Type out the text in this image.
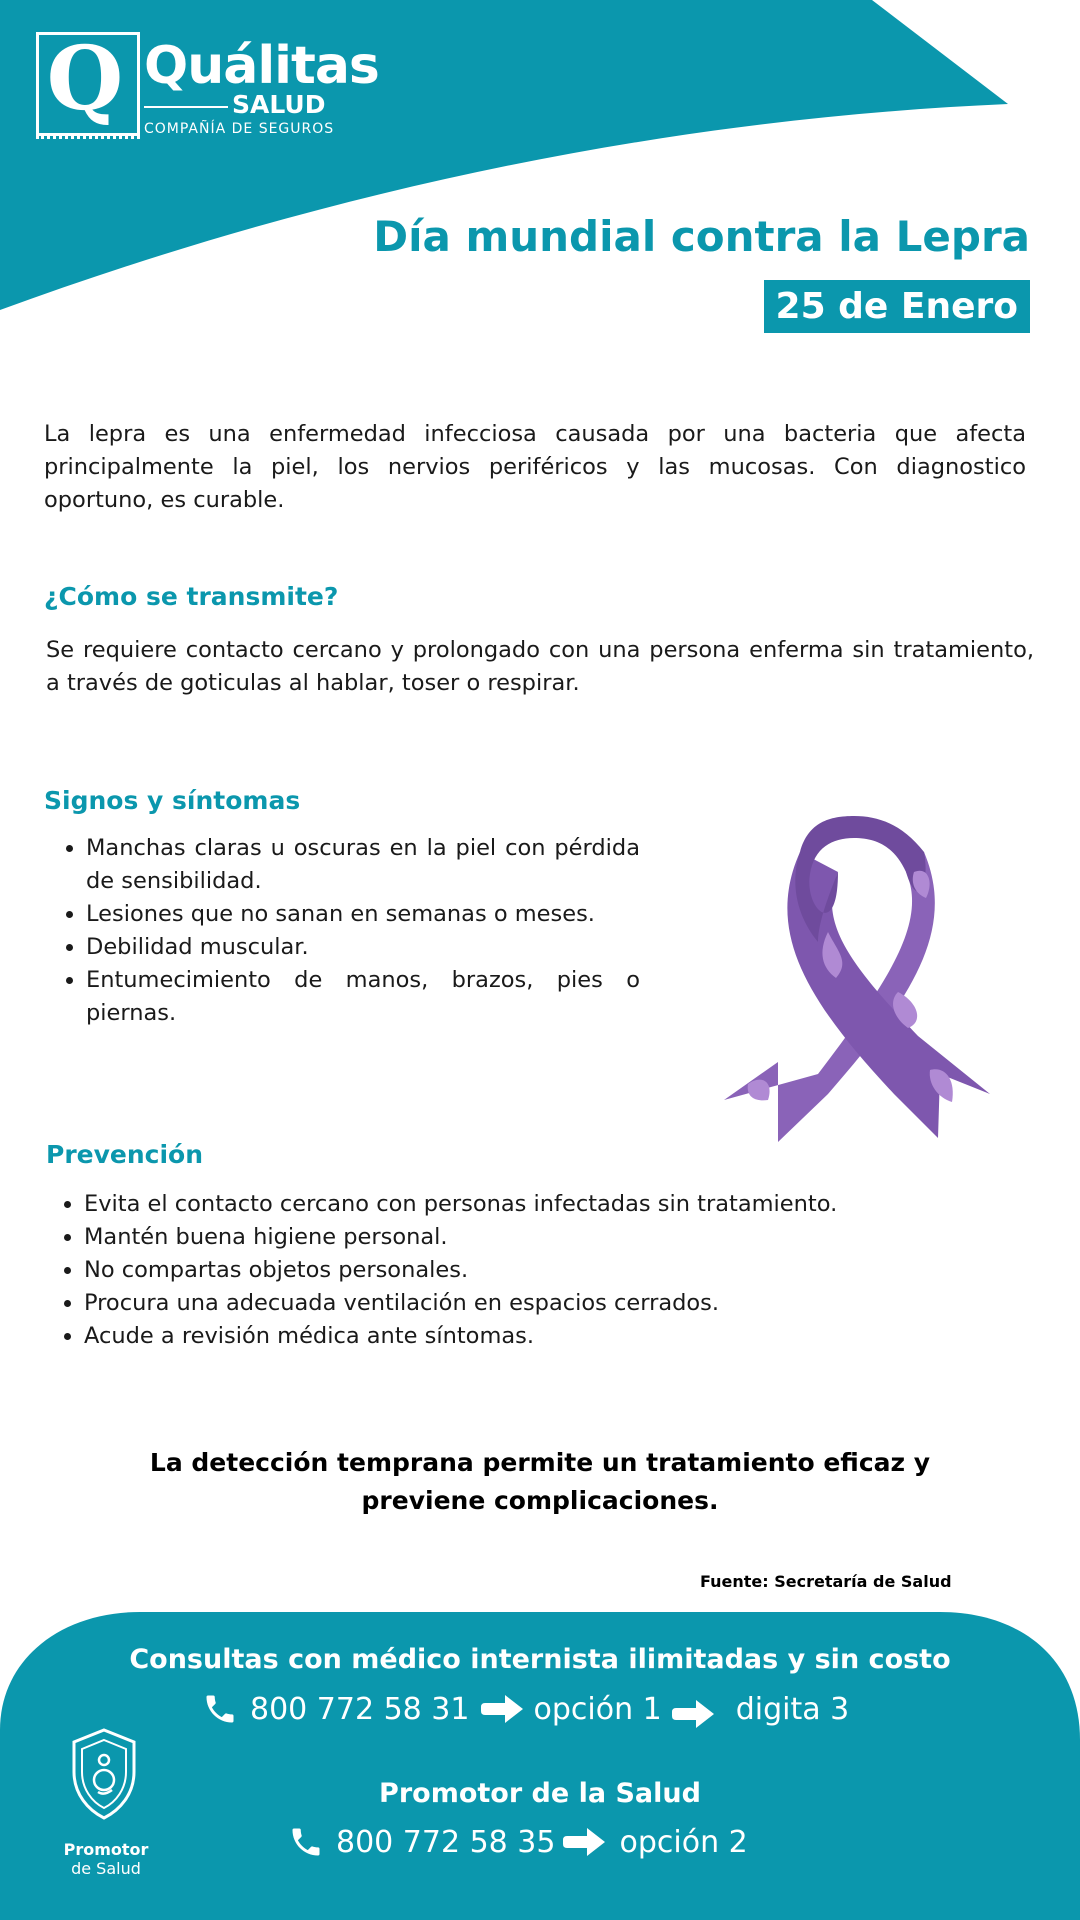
Q Quálitas
SALUD
COMPAÑÍA DE SEGUROS
Día mundial contra la Lepra
25 de Enero
La lepra es una enfermedad infecciosa causada por una bacteria que afecta principalmente la piel, los nervios periféricos y las mucosas. Con diagnostico oportuno, es curable.
¿Cómo se transmite?
Se requiere contacto cercano y prolongado con una persona enferma sin tratamiento, a través de goticulas al hablar, toser o respirar.
Signos y síntomas
• Manchas claras u oscuras en la piel con pérdida de sensibilidad.
• Lesiones que no sanan en semanas o meses.
• Debilidad muscular.
• Entumecimiento de manos, brazos, pies o piernas.
Prevención
• Evita el contacto cercano con personas infectadas sin tratamiento.
• Mantén buena higiene personal.
• No compartas objetos personales.
• Procura una adecuada ventilación en espacios cerrados.
• Acude a revisión médica ante síntomas.
La detección temprana permite un tratamiento eficaz y
previene complicaciones.
Fuente: Secretaría de Salud
Consultas con médico internista ilimitadas y sin costo
800 772 58 31 opción 1 digita 3
Promotor de la Salud
800 772 58 35 opción 2
Promotor
de Salud
